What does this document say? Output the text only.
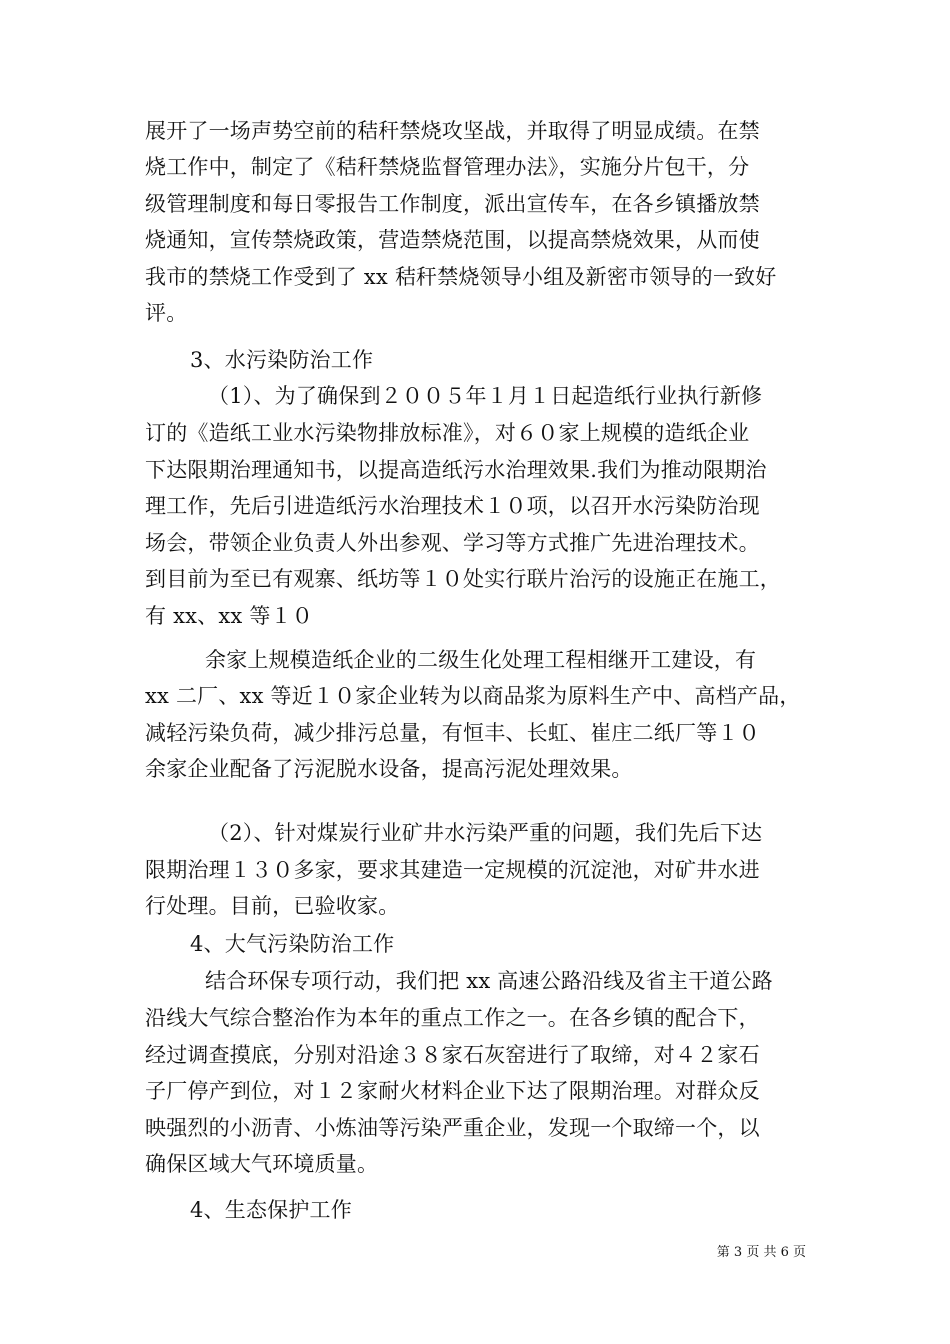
展开了一场声势空前的秸秆禁烧攻坚战，并取得了明显成绩。在禁
烧工作中，制定了《秸秆禁烧监督管理办法》，实施分片包干，分
级管理制度和每日零报告工作制度，派出宣传车，在各乡镇播放禁
烧通知，宣传禁烧政策，营造禁烧范围，以提高禁烧效果，从而使
我市的禁烧工作受到了 xx 秸秆禁烧领导小组及新密市领导的一致好
评。
3、水污染防治工作
（1）、为了确保到２００５年１月１日起造纸行业执行新修
订的《造纸工业水污染物排放标准》，对６０家上规模的造纸企业
下达限期治理通知书，以提高造纸污水治理效果.我们为推动限期治
理工作，先后引进造纸污水治理技术１０项，以召开水污染防治现
场会，带领企业负责人外出参观、学习等方式推广先进治理技术。
到目前为至已有观寨、纸坊等１０处实行联片治污的设施正在施工，
有 xx、xx 等１０
余家上规模造纸企业的二级生化处理工程相继开工建设，有
xx 二厂、xx 等近１０家企业转为以商品浆为原料生产中、高档产品，
减轻污染负荷，减少排污总量，有恒丰、长虹、崔庄二纸厂等１０
余家企业配备了污泥脱水设备，提高污泥处理效果。
（2）、针对煤炭行业矿井水污染严重的问题，我们先后下达
限期治理１３０多家，要求其建造一定规模的沉淀池，对矿井水进
行处理。目前，已验收家。
4、大气污染防治工作
结合环保专项行动，我们把 xx 高速公路沿线及省主干道公路
沿线大气综合整治作为本年的重点工作之一。在各乡镇的配合下，
经过调查摸底，分别对沿途３８家石灰窑进行了取缔，对４２家石
子厂停产到位，对１２家耐火材料企业下达了限期治理。对群众反
映强烈的小沥青、小炼油等污染严重企业，发现一个取缔一个，以
确保区域大气环境质量。
4、生态保护工作
第 3 页 共 6 页
